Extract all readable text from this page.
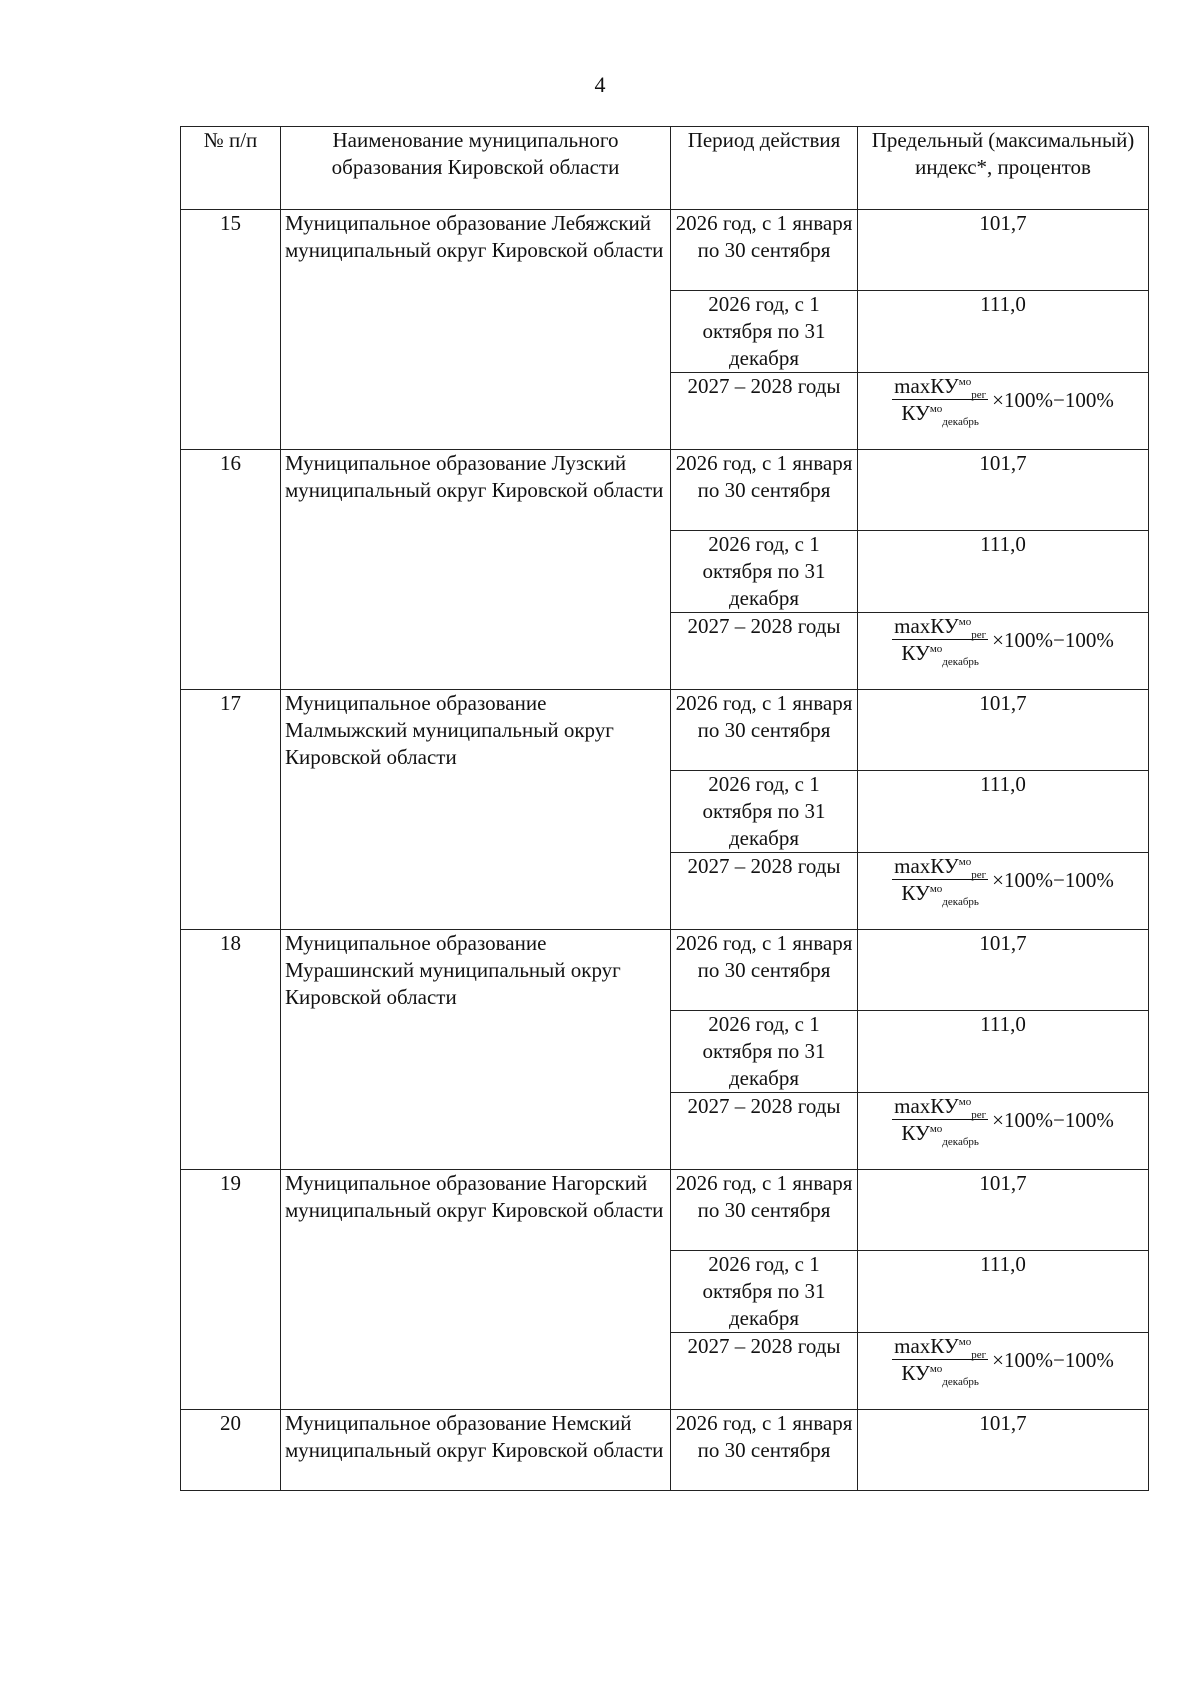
4
№ п/п	Наименование муниципального образования Кировской области	Период действия	Предельный (максимальный) индекс*, процентов
15	Муниципальное образование Лебяжский муниципальный округ Кировской области	2026 год, с 1 января по 30 сентября	101,7
		2026 год, с 1 октября по 31 декабря	111,0
		2027 – 2028 годы	$\frac{\max КУ^{мо}_{рег}}{КУ^{мо}_{декабрь}} \times 100\%-100\%$

16	Муниципальное образование Лузский муниципальный округ Кировской области	2026 год, с 1 января по 30 сентября	101,7
		2026 год, с 1 октября по 31 декабря	111,0
		2027 – 2028 годы	$\frac{\max КУ^{мо}_{рег}}{КУ^{мо}_{декабрь}} \times 100\%-100\%$

17	Муниципальное образование Малмыжский муниципальный округ Кировской области	2026 год, с 1 января по 30 сентября	101,7
		2026 год, с 1 октября по 31 декабря	111,0
		2027 – 2028 годы	$\frac{\max КУ^{мо}_{рег}}{КУ^{мо}_{декабрь}} \times 100\%-100\%$

18	Муниципальное образование Мурашинский муниципальный округ Кировской области	2026 год, с 1 января по 30 сентября	101,7
		2026 год, с 1 октября по 31 декабря	111,0
		2027 – 2028 годы	$\frac{\max КУ^{мо}_{рег}}{КУ^{мо}_{декабрь}} \times 100\%-100\%$

19	Муниципальное образование Нагорский муниципальный округ Кировской области	2026 год, с 1 января по 30 сентября	101,7
		2026 год, с 1 октября по 31 декабря	111,0
		2027 – 2028 годы	$\frac{\max КУ^{мо}_{рег}}{КУ^{мо}_{декабрь}} \times 100\%-100\%$

20	Муниципальное образование Немский муниципальный округ Кировской области	2026 год, с 1 января по 30 сентября	101,7
